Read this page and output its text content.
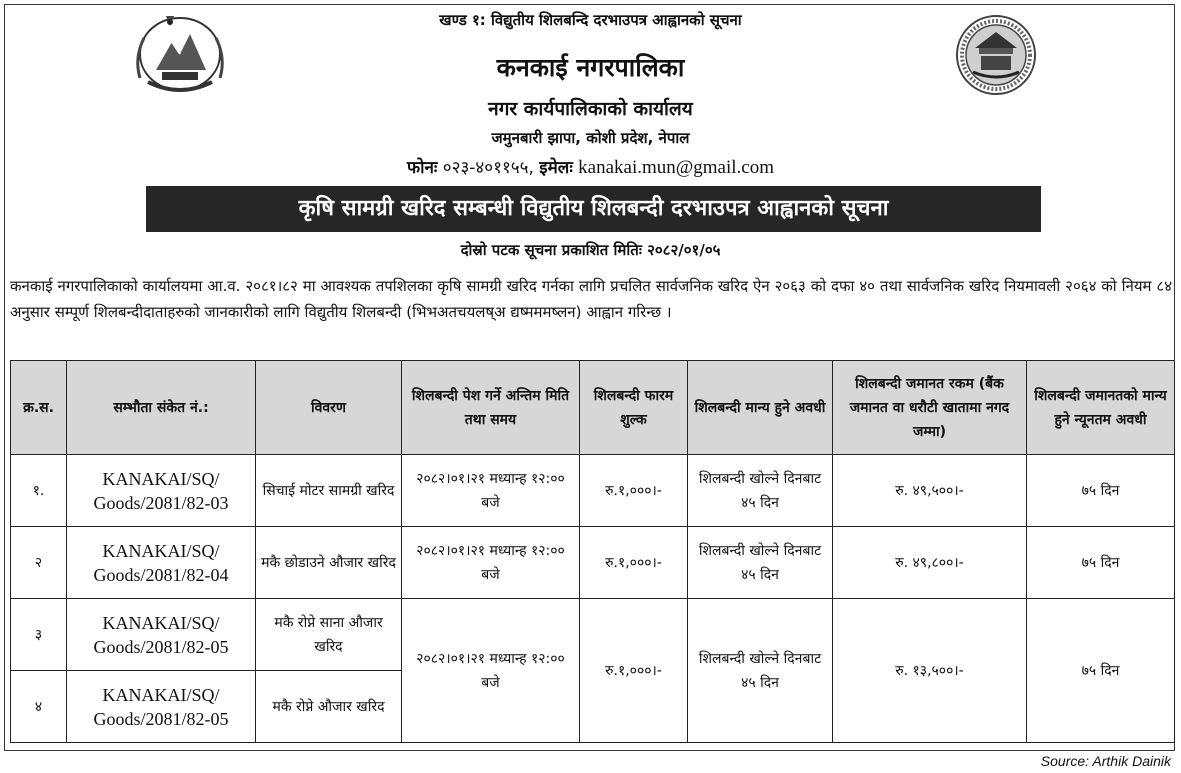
खण्ड १: विद्युतीय शिलबन्दि दरभाउपत्र आह्वानको सूचना
कनकाई नगरपालिका
नगर कार्यपालिकाको कार्यालय
जमुनबारी झापा, कोशी प्रदेश, नेपाल
फोनः ०२३-४०११५५, इमेलः kanakai.mun@gmail.com
कृषि सामग्री खरिद सम्बन्धी विद्युतीय शिलबन्दी दरभाउपत्र आह्वानको सूचना
दोस्रो पटक सूचना प्रकाशित मितिः २०८२/०१/०५
कनकाई नगरपालिकाको कार्यालयमा आ.व. २०८१।८२ मा आवश्यक तपशिलका कृषि सामग्री खरिद गर्नका लागि प्रचलित सार्वजनिक खरिद ऐन २०६३ को दफा ४० तथा सार्वजनिक खरिद नियमावली २०६४ को नियम ८४ अनुसार सम्पूर्ण शिलबन्दीदाताहरुको जानकारीको लागि विद्युतीय शिलबन्दी (भिभअतचयलष्अ द्यष्मममष्लन) आह्वान गरिन्छ ।
क्र.स.	सम्भौता संकेत नं.:	विवरण	शिलबन्दी पेश गर्ने अन्तिम मिति तथा समय	शिलबन्दी फारम शुल्क	शिलबन्दी मान्य हुने अवधी	शिलबन्दी जमानत रकम (बैंक जमानत वा धरौटी खातामा नगद जम्मा)	शिलबन्दी जमानतको मान्य हुने न्यूनतम अवधी
१.	KANAKAI/SQ/
Goods/2081/82-03	सिचाई मोटर सामग्री खरिद	२०८२।०१।२१ मध्यान्ह १२:०० बजे	रु.१,०००।-	शिलबन्दी खोल्ने दिनबाट ४५ दिन	रु. ४९,५००।-	७५ दिन
२	KANAKAI/SQ/
Goods/2081/82-04	मकै छोडाउने औजार खरिद	२०८२।०१।२१ मध्यान्ह १२:०० बजे	रु.१,०००।-	शिलबन्दी खोल्ने दिनबाट ४५ दिन	रु. ४९,८००।-	७५ दिन
३	KANAKAI/SQ/
Goods/2081/82-05	मकै रोप्ने साना औजार खरिद	२०८२।०१।२१ मध्यान्ह १२:०० बजे	रु.१,०००।-	शिलबन्दी खोल्ने दिनबाट ४५ दिन	रु. १३,५००।-	७५ दिन
४	KANAKAI/SQ/
Goods/2081/82-05	मकै रोप्ने औजार खरिद					
Source: Arthik Dainik
